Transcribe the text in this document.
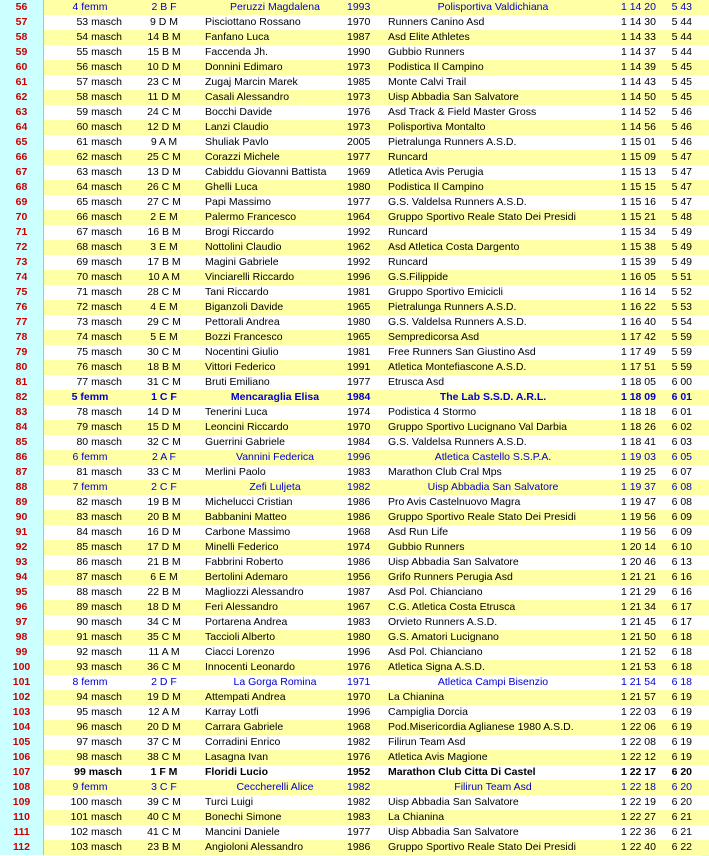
56	4 femm	2 B F	Peruzzi Magdalena	1993	Polisportiva Valdichiana	1 14 20	5 43
57	53 masch	9 D M	Pisciottano Rossano	1970	Runners Canino Asd	1 14 30	5 44
58	54 masch	14 B M	Fanfano Luca	1987	Asd Elite Athletes	1 14 33	5 44
59	55 masch	15 B M	Faccenda Jh.	1990	Gubbio Runners	1 14 37	5 44
60	56 masch	10 D M	Donnini Edimaro	1973	Podistica Il Campino	1 14 39	5 45
61	57 masch	23 C M	Zugaj Marcin Marek	1985	Monte Calvi Trail	1 14 43	5 45
62	58 masch	11 D M	Casali Alessandro	1973	Uisp Abbadia San Salvatore	1 14 50	5 45
63	59 masch	24 C M	Bocchi Davide	1976	Asd Track & Field Master Gross	1 14 52	5 46
64	60 masch	12 D M	Lanzi Claudio	1973	Polisportiva Montalto	1 14 56	5 46
65	61 masch	9 A M	Shuliak Pavlo	2005	Pietralunga Runners A.S.D.	1 15 01	5 46
66	62 masch	25 C M	Corazzi Michele	1977	Runcard	1 15 09	5 47
67	63 masch	13 D M	Cabiddu Giovanni Battista	1969	Atletica Avis Perugia	1 15 13	5 47
68	64 masch	26 C M	Ghelli Luca	1980	Podistica Il Campino	1 15 15	5 47
69	65 masch	27 C M	Papi Massimo	1977	G.S. Valdelsa Runners A.S.D.	1 15 16	5 47
70	66 masch	2 E M	Palermo Francesco	1964	Gruppo Sportivo Reale Stato Dei Presidi	1 15 21	5 48
71	67 masch	16 B M	Brogi Riccardo	1992	Runcard	1 15 34	5 49
72	68 masch	3 E M	Nottolini Claudio	1962	Asd Atletica Costa Dargento	1 15 38	5 49
73	69 masch	17 B M	Magini Gabriele	1992	Runcard	1 15 39	5 49
74	70 masch	10 A M	Vinciarelli Riccardo	1996	G.S.Filippide	1 16 05	5 51
75	71 masch	28 C M	Tani Riccardo	1981	Gruppo Sportivo Emicicli	1 16 14	5 52
76	72 masch	4 E M	Biganzoli Davide	1965	Pietralunga Runners A.S.D.	1 16 22	5 53
77	73 masch	29 C M	Pettorali Andrea	1980	G.S. Valdelsa Runners A.S.D.	1 16 40	5 54
78	74 masch	5 E M	Bozzi Francesco	1965	Sempredicorsa Asd	1 17 42	5 59
79	75 masch	30 C M	Nocentini Giulio	1981	Free Runners San Giustino Asd	1 17 49	5 59
80	76 masch	18 B M	Vittori Federico	1991	Atletica Montefiascone A.S.D.	1 17 51	5 59
81	77 masch	31 C M	Bruti Emiliano	1977	Etrusca Asd	1 18 05	6 00
82	5 femm	1 C F	Mencaraglia Elisa	1984	The Lab S.S.D. A.R.L.	1 18 09	6 01
83	78 masch	14 D M	Tenerini Luca	1974	Podistica 4 Stormo	1 18 18	6 01
84	79 masch	15 D M	Leoncini Riccardo	1970	Gruppo Sportivo Lucignano Val Darbia	1 18 26	6 02
85	80 masch	32 C M	Guerrini Gabriele	1984	G.S. Valdelsa Runners A.S.D.	1 18 41	6 03
86	6 femm	2 A F	Vannini Federica	1996	Atletica Castello S.S.P.A.	1 19 03	6 05
87	81 masch	33 C M	Merlini Paolo	1983	Marathon Club Cral Mps	1 19 25	6 07
88	7 femm	2 C F	Zefi Luljeta	1982	Uisp Abbadia San Salvatore	1 19 37	6 08
89	82 masch	19 B M	Michelucci Cristian	1986	Pro Avis Castelnuovo Magra	1 19 47	6 08
90	83 masch	20 B M	Babbanini Matteo	1986	Gruppo Sportivo Reale Stato Dei Presidi	1 19 56	6 09
91	84 masch	16 D M	Carbone Massimo	1968	Asd Run Life	1 19 56	6 09
92	85 masch	17 D M	Minelli Federico	1974	Gubbio Runners	1 20 14	6 10
93	86 masch	21 B M	Fabbrini Roberto	1986	Uisp Abbadia San Salvatore	1 20 46	6 13
94	87 masch	6 E M	Bertolini Ademaro	1956	Grifo Runners Perugia Asd	1 21 21	6 16
95	88 masch	22 B M	Magliozzi Alessandro	1987	Asd Pol. Chianciano	1 21 29	6 16
96	89 masch	18 D M	Feri Alessandro	1967	C.G. Atletica Costa Etrusca	1 21 34	6 17
97	90 masch	34 C M	Portarena Andrea	1983	Orvieto Runners A.S.D.	1 21 45	6 17
98	91 masch	35 C M	Taccioli Alberto	1980	G.S. Amatori Lucignano	1 21 50	6 18
99	92 masch	11 A M	Ciacci Lorenzo	1996	Asd Pol. Chianciano	1 21 52	6 18
100	93 masch	36 C M	Innocenti Leonardo	1976	Atletica Signa A.S.D.	1 21 53	6 18
101	8 femm	2 D F	La Gorga Romina	1971	Atletica Campi Bisenzio	1 21 54	6 18
102	94 masch	19 D M	Attempati Andrea	1970	La Chianina	1 21 57	6 19
103	95 masch	12 A M	Karray Lotfi	1996	Campiglia Dorcia	1 22 03	6 19
104	96 masch	20 D M	Carrara Gabriele	1968	Pod.Misericordia Aglianese 1980 A.S.D.	1 22 06	6 19
105	97 masch	37 C M	Corradini Enrico	1982	Filirun Team Asd	1 22 08	6 19
106	98 masch	38 C M	Lasagna Ivan	1976	Atletica Avis Magione	1 22 12	6 19
107	99 masch	1 F M	Floridi Lucio	1952	Marathon Club Citta Di Castel	1 22 17	6 20
108	9 femm	3 C F	Ceccherelli Alice	1982	Filirun Team Asd	1 22 18	6 20
109	100 masch	39 C M	Turci Luigi	1982	Uisp Abbadia San Salvatore	1 22 19	6 20
110	101 masch	40 C M	Bonechi Simone	1983	La Chianina	1 22 27	6 21
111	102 masch	41 C M	Mancini Daniele	1977	Uisp Abbadia San Salvatore	1 22 36	6 21
112	103 masch	23 B M	Angioloni Alessandro	1986	Gruppo Sportivo Reale Stato Dei Presidi	1 22 40	6 22
